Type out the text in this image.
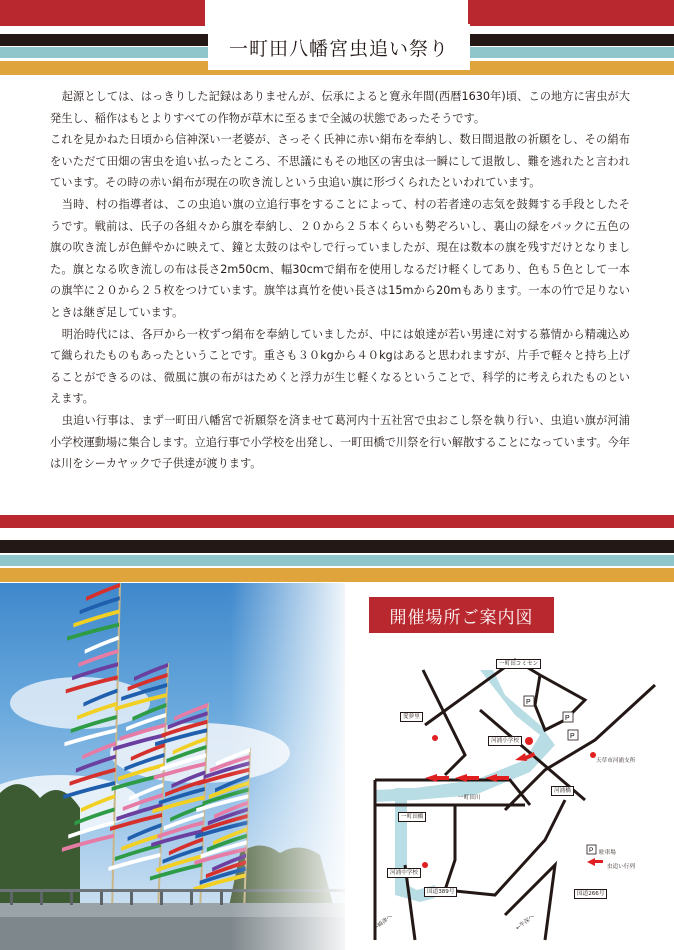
一町田八幡宮虫追い祭り

起源としては、はっきりした記録はありませんが、伝承によると寛永年間(西暦1630年)頃、この地方に害虫が大発生し、稲作はもとよりすべての作物が草木に至るまで全滅の状態であったそうです。

これを見かねた日頃から信神深い一老婆が、さっそく氏神に赤い絹布を奉納し、数日間退散の祈願をし、その絹布をいただて田畑の害虫を追い払ったところ、不思議にもその地区の害虫は一瞬にして退散し、難を逃れたと言われています。その時の赤い絹布が現在の吹き流しという虫追い旗に形づくられたといわれています。

当時、村の指導者は、この虫追い旗の立追行事をすることによって、村の若者達の志気を鼓舞する手段としたそうです。戦前は、氏子の各組々から旗を奉納し、２０から２５本くらいも勢ぞろいし、裏山の緑をバックに五色の旗の吹き流しが色鮮やかに映えて、鐘と太鼓のはやしで行っていましたが、現在は数本の旗を残すだけとなりました。旗となる吹き流しの布は長さ2m50cm、幅30cmで絹布を使用しなるだけ軽くしてあり、色も５色として一本の旗竿に２０から２５枚をつけています。旗竿は真竹を使い長さは15mから20mもあります。一本の竹で足りないときは継ぎ足しています。

明治時代には、各戸から一枚ずつ絹布を奉納していましたが、中には娘達が若い男達に対する慕情から精魂込めて織られたものもあったということです。重さも３０kgから４０kgはあると思われますが、片手で軽々と持ち上げることができるのは、微風に旗の布がはためくと浮力が生じ軽くなるということで、科学的に考えられたものといえます。

虫追い行事は、まず一町田八幡宮で祈願祭を済ませて葛河内十五社宮で虫おこし祭を執り行い、虫追い旗が河浦小学校運動場に集合します。立追行事で小学校を出発し、一町田橋で川祭を行い解散することになっています。今年は川をシーカヤックで子供達が渡ります。

開催場所ご案内図
P
P
P
P
一町田コミセン
愛夢里
河浦小学校
天草市河浦支所
河浦橋
一町田川
一町田橋
河浦中学校
国道389号	国道266号
←崎津へ	←牛深へ
駐車場
虫追い行列
